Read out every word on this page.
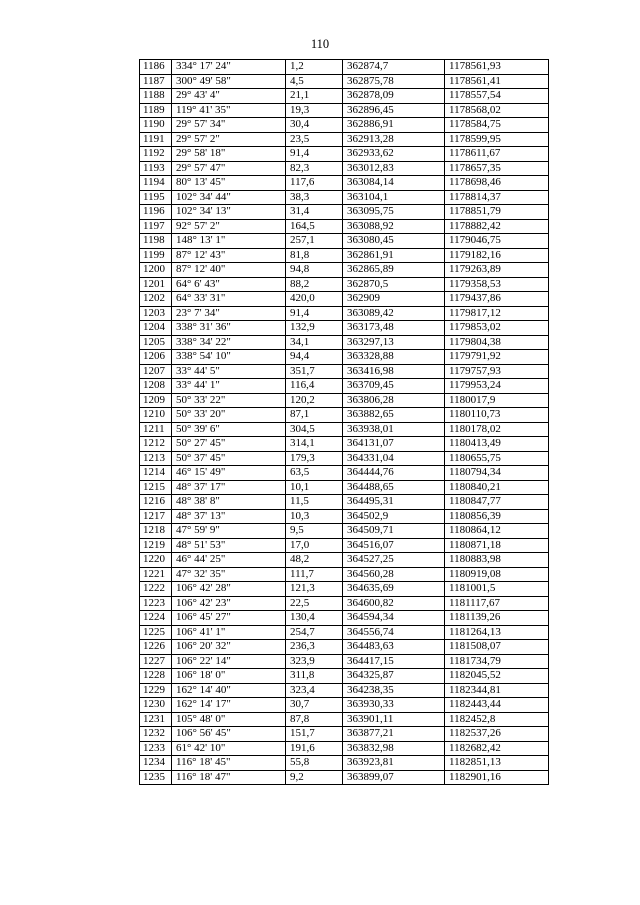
110
1186	334° 17' 24"	1,2	362874,7	1178561,93
1187	300° 49' 58"	4,5	362875,78	1178561,41
1188	29° 43' 4"	21,1	362878,09	1178557,54
1189	119° 41' 35"	19,3	362896,45	1178568,02
1190	29° 57' 34"	30,4	362886,91	1178584,75
1191	29° 57' 2"	23,5	362913,28	1178599,95
1192	29° 58' 18"	91,4	362933,62	1178611,67
1193	29° 57' 47"	82,3	363012,83	1178657,35
1194	80° 13' 45"	117,6	363084,14	1178698,46
1195	102° 34' 44"	38,3	363104,1	1178814,37
1196	102° 34' 13"	31,4	363095,75	1178851,79
1197	92° 57' 2"	164,5	363088,92	1178882,42
1198	148° 13' 1"	257,1	363080,45	1179046,75
1199	87° 12' 43"	81,8	362861,91	1179182,16
1200	87° 12' 40"	94,8	362865,89	1179263,89
1201	64° 6' 43"	88,2	362870,5	1179358,53
1202	64° 33' 31"	420,0	362909	1179437,86
1203	23° 7' 34"	91,4	363089,42	1179817,12
1204	338° 31' 36"	132,9	363173,48	1179853,02
1205	338° 34' 22"	34,1	363297,13	1179804,38
1206	338° 54' 10"	94,4	363328,88	1179791,92
1207	33° 44' 5"	351,7	363416,98	1179757,93
1208	33° 44' 1"	116,4	363709,45	1179953,24
1209	50° 33' 22"	120,2	363806,28	1180017,9
1210	50° 33' 20"	87,1	363882,65	1180110,73
1211	50° 39' 6"	304,5	363938,01	1180178,02
1212	50° 27' 45"	314,1	364131,07	1180413,49
1213	50° 37' 45"	179,3	364331,04	1180655,75
1214	46° 15' 49"	63,5	364444,76	1180794,34
1215	48° 37' 17"	10,1	364488,65	1180840,21
1216	48° 38' 8"	11,5	364495,31	1180847,77
1217	48° 37' 13"	10,3	364502,9	1180856,39
1218	47° 59' 9"	9,5	364509,71	1180864,12
1219	48° 51' 53"	17,0	364516,07	1180871,18
1220	46° 44' 25"	48,2	364527,25	1180883,98
1221	47° 32' 35"	111,7	364560,28	1180919,08
1222	106° 42' 28"	121,3	364635,69	1181001,5
1223	106° 42' 23"	22,5	364600,82	1181117,67
1224	106° 45' 27"	130,4	364594,34	1181139,26
1225	106° 41' 1"	254,7	364556,74	1181264,13
1226	106° 20' 32"	236,3	364483,63	1181508,07
1227	106° 22' 14"	323,9	364417,15	1181734,79
1228	106° 18' 0"	311,8	364325,87	1182045,52
1229	162° 14' 40"	323,4	364238,35	1182344,81
1230	162° 14' 17"	30,7	363930,33	1182443,44
1231	105° 48' 0"	87,8	363901,11	1182452,8
1232	106° 56' 45"	151,7	363877,21	1182537,26
1233	61° 42' 10"	191,6	363832,98	1182682,42
1234	116° 18' 45"	55,8	363923,81	1182851,13
1235	116° 18' 47"	9,2	363899,07	1182901,16
